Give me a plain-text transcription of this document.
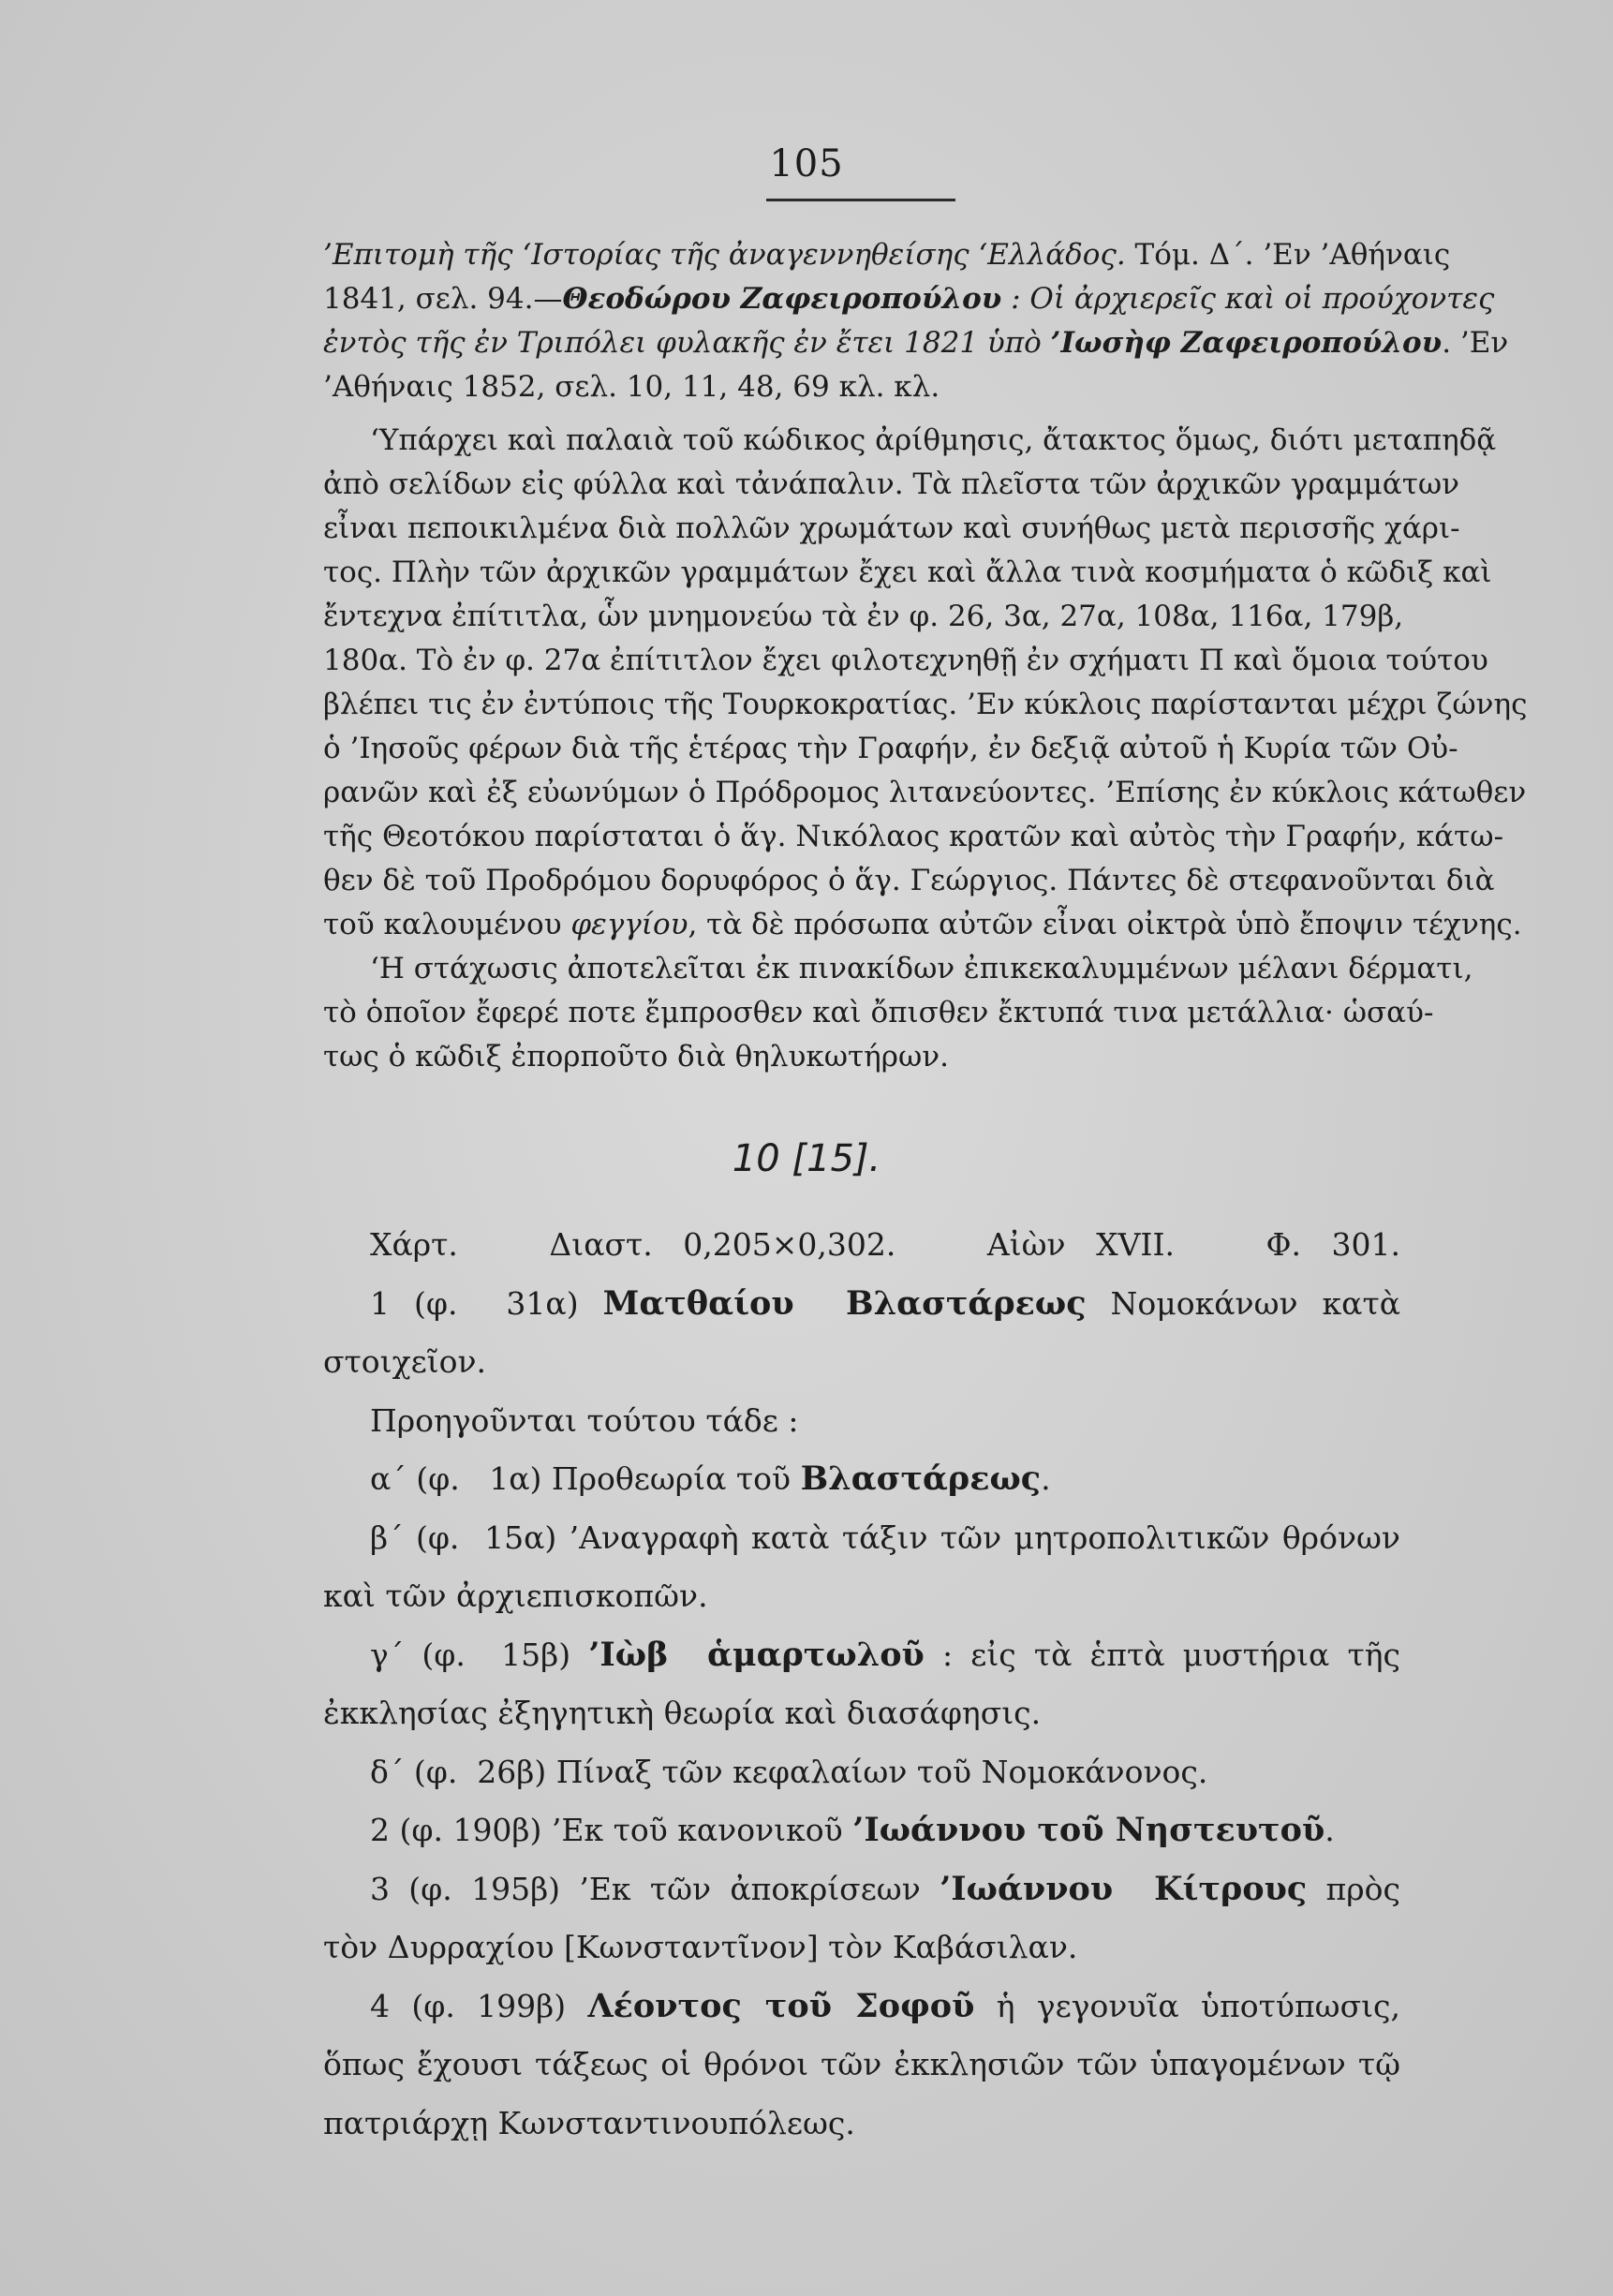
105
’Επιτομὴ τῆς ‘Ιστορίας τῆς ἀναγεννηθείσης ‘Ελλάδος. Τόμ. Δ΄. ’Εν ’Αθήναις
1841, σελ. 94.—Θεοδώρου Ζαφειροπούλου : Οἱ ἀρχιερεῖς καὶ οἱ προύχοντες
ἐντὸς τῆς ἐν Τριπόλει φυλακῆς ἐν ἔτει 1821 ὑπὸ ’Ιωσὴφ Ζαφειροπούλου. ’Εν
’Αθήναις 1852, σελ. 10, 11, 48, 69 κλ. κλ.
‘Υπάρχει καὶ παλαιὰ τοῦ κώδικος ἀρίθμησις, ἄτακτος ὅμως, διότι μεταπηδᾷ
ἀπὸ σελίδων εἰς φύλλα καὶ τἀνάπαλιν. Τὰ πλεῖστα τῶν ἀρχικῶν γραμμάτων
εἶναι πεποικιλμένα διὰ πολλῶν χρωμάτων καὶ συνήθως μετὰ περισσῆς χάρι-
τος. Πλὴν τῶν ἀρχικῶν γραμμάτων ἔχει καὶ ἄλλα τινὰ κοσμήματα ὁ κῶδιξ καὶ
ἔντεχνα ἐπίτιτλα, ὧν μνημονεύω τὰ ἐν φ. 26, 3α, 27α, 108α, 116α, 179β,
180α. Τὸ ἐν φ. 27α ἐπίτιτλον ἔχει φιλοτεχνηθῇ ἐν σχήματι Π καὶ ὅμοια τούτου
βλέπει τις ἐν ἐντύποις τῆς Τουρκοκρατίας. ’Εν κύκλοις παρίστανται μέχρι ζώνης
ὁ ’Ιησοῦς φέρων διὰ τῆς ἑτέρας τὴν Γραφήν, ἐν δεξιᾷ αὐτοῦ ἡ Κυρία τῶν Οὐ-
ρανῶν καὶ ἐξ εὐωνύμων ὁ Πρόδρομος λιτανεύοντες. ’Επίσης ἐν κύκλοις κάτωθεν
τῆς Θεοτόκου παρίσταται ὁ ἅγ. Νικόλαος κρατῶν καὶ αὐτὸς τὴν Γραφήν, κάτω-
θεν δὲ τοῦ Προδρόμου δορυφόρος ὁ ἅγ. Γεώργιος. Πάντες δὲ στεφανοῦνται διὰ
τοῦ καλουμένου φεγγίου, τὰ δὲ πρόσωπα αὐτῶν εἶναι οἰκτρὰ ὑπὸ ἔποψιν τέχνης.
‘Η στάχωσις ἀποτελεῖται ἐκ πινακίδων ἐπικεκαλυμμένων μέλανι δέρματι,
τὸ ὁποῖον ἔφερέ ποτε ἔμπροσθεν καὶ ὄπισθεν ἔκτυπά τινα μετάλλια· ὡσαύ-
τως ὁ κῶδιξ ἐπορποῦτο διὰ θηλυκωτήρων.
10 [15].
Χάρτ.   Διαστ. 0,205×0,302.   Αἰὼν XVII.   Φ. 301.
1 (φ.  31α) Ματθαίου  Βλαστάρεως Νομοκάνων κατὰ
στοιχεῖον.
Προηγοῦνται τούτου τάδε :
α΄ (φ.   1α) Προθεωρία τοῦ Βλαστάρεως.
β΄ (φ.  15α) ’Αναγραφὴ κατὰ τάξιν τῶν μητροπολιτικῶν θρόνων
καὶ τῶν ἀρχιεπισκοπῶν.
γ΄ (φ.  15β) ’Ιὼβ  ἁμαρτωλοῦ : εἰς τὰ ἑπτὰ μυστήρια τῆς
ἐκκλησίας ἐξηγητικὴ θεωρία καὶ διασάφησις.
δ΄ (φ.  26β) Πίναξ τῶν κεφαλαίων τοῦ Νομοκάνονος.
2 (φ. 190β) ’Εκ τοῦ κανονικοῦ ’Ιωάννου τοῦ Νηστευτοῦ.
3 (φ. 195β) ’Εκ τῶν ἀποκρίσεων ’Ιωάννου  Κίτρους πρὸς
τὸν Δυρραχίου [Κωνσταντῖνον] τὸν Καβάσιλαν.
4 (φ. 199β) Λέοντος τοῦ Σοφοῦ ἡ γεγονυῖα ὑποτύπωσις,
ὅπως ἔχουσι τάξεως οἱ θρόνοι τῶν ἐκκλησιῶν τῶν ὑπαγομένων τῷ
πατριάρχῃ Κωνσταντινουπόλεως.
